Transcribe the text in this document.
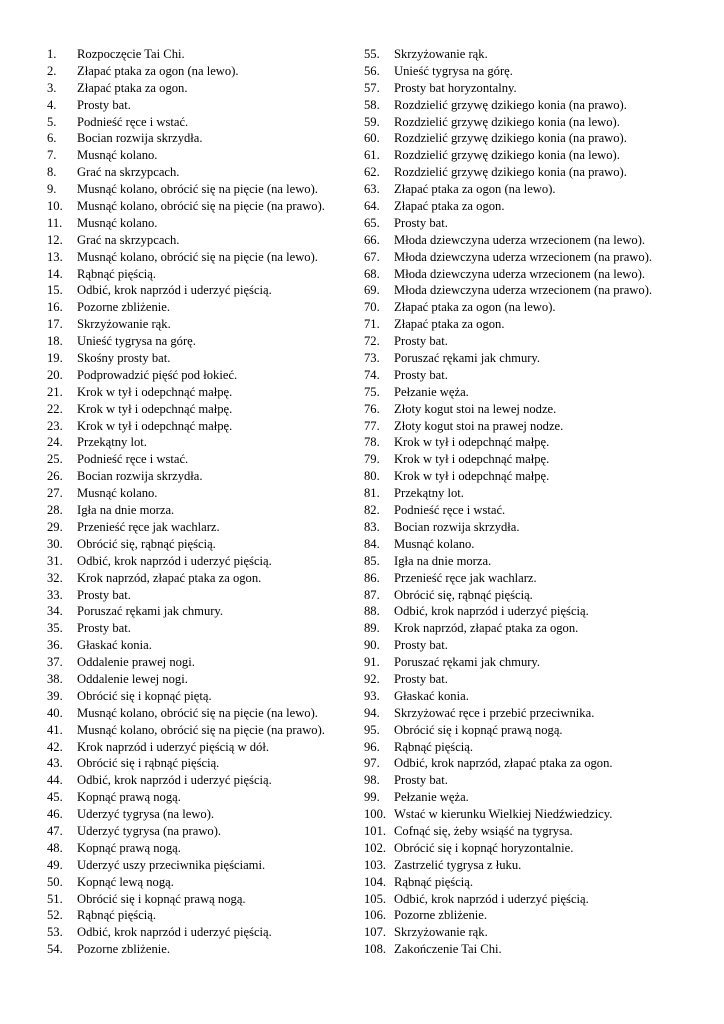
1.	Rozpoczęcie Tai Chi.
2.	Złapać ptaka za ogon (na lewo).
3.	Złapać ptaka za ogon.
4.	Prosty bat.
5.	Podnieść ręce i wstać.
6.	Bocian rozwija skrzydła.
7.	Musnąć kolano.
8.	Grać na skrzypcach.
9.	Musnąć kolano, obrócić się na pięcie (na lewo).
10.	Musnąć kolano, obrócić się na pięcie (na prawo).
11.	Musnąć kolano.
12.	Grać na skrzypcach.
13.	Musnąć kolano, obrócić się na pięcie (na lewo).
14.	Rąbnąć pięścią.
15.	Odbić, krok naprzód i uderzyć pięścią.
16.	Pozorne zbliżenie.
17.	Skrzyżowanie rąk.
18.	Unieść tygrysa na górę.
19.	Skośny prosty bat.
20.	Podprowadzić pięść pod łokieć.
21.	Krok w tył i odepchnąć małpę.
22.	Krok w tył i odepchnąć małpę.
23.	Krok w tył i odepchnąć małpę.
24.	Przekątny lot.
25.	Podnieść ręce i wstać.
26.	Bocian rozwija skrzydła.
27.	Musnąć kolano.
28.	Igła na dnie morza.
29.	Przenieść ręce jak wachlarz.
30.	Obrócić się, rąbnąć pięścią.
31.	Odbić, krok naprzód i uderzyć pięścią.
32.	Krok naprzód, złapać ptaka za ogon.
33.	Prosty bat.
34.	Poruszać rękami jak chmury.
35.	Prosty bat.
36.	Głaskać konia.
37.	Oddalenie prawej nogi.
38.	Oddalenie lewej nogi.
39.	Obrócić się i kopnąć piętą.
40.	Musnąć kolano, obrócić się na pięcie (na lewo).
41.	Musnąć kolano, obrócić się na pięcie (na prawo).
42.	Krok naprzód i uderzyć pięścią w dół.
43.	Obrócić się i rąbnąć pięścią.
44.	Odbić, krok naprzód i uderzyć pięścią.
45.	Kopnąć prawą nogą.
46.	Uderzyć tygrysa (na lewo).
47.	Uderzyć tygrysa (na prawo).
48.	Kopnąć prawą nogą.
49.	Uderzyć uszy przeciwnika pięściami.
50.	Kopnąć lewą nogą.
51.	Obrócić się i kopnąć prawą nogą.
52.	Rąbnąć pięścią.
53.	Odbić, krok naprzód i uderzyć pięścią.
54.	Pozorne zbliżenie.
55.	Skrzyżowanie rąk.
56.	Unieść tygrysa na górę.
57.	Prosty bat horyzontalny.
58.	Rozdzielić grzywę dzikiego konia (na prawo).
59.	Rozdzielić grzywę dzikiego konia (na lewo).
60.	Rozdzielić grzywę dzikiego konia (na prawo).
61.	Rozdzielić grzywę dzikiego konia (na lewo).
62.	Rozdzielić grzywę dzikiego konia (na prawo).
63.	Złapać ptaka za ogon (na lewo).
64.	Złapać ptaka za ogon.
65.	Prosty bat.
66.	Młoda dziewczyna uderza wrzecionem (na lewo).
67.	Młoda dziewczyna uderza wrzecionem (na prawo).
68.	Młoda dziewczyna uderza wrzecionem (na lewo).
69.	Młoda dziewczyna uderza wrzecionem (na prawo).
70.	Złapać ptaka za ogon (na lewo).
71.	Złapać ptaka za ogon.
72.	Prosty bat.
73.	Poruszać rękami jak chmury.
74.	Prosty bat.
75.	Pełzanie węża.
76.	Złoty kogut stoi na lewej nodze.
77.	Złoty kogut stoi na prawej nodze.
78.	Krok w tył i odepchnąć małpę.
79.	Krok w tył i odepchnąć małpę.
80.	Krok w tył i odepchnąć małpę.
81.	Przekątny lot.
82.	Podnieść ręce i wstać.
83.	Bocian rozwija skrzydła.
84.	Musnąć kolano.
85.	Igła na dnie morza.
86.	Przenieść ręce jak wachlarz.
87.	Obrócić się, rąbnąć pięścią.
88.	Odbić, krok naprzód i uderzyć pięścią.
89.	Krok naprzód, złapać ptaka za ogon.
90.	Prosty bat.
91.	Poruszać rękami jak chmury.
92.	Prosty bat.
93.	Głaskać konia.
94.	Skrzyżować ręce i przebić przeciwnika.
95.	Obrócić się i kopnąć prawą nogą.
96.	Rąbnąć pięścią.
97.	Odbić, krok naprzód, złapać ptaka za ogon.
98.	Prosty bat.
99.	Pełzanie węża.
100. Wstać w kierunku Wielkiej Niedźwiedzicy.
101. Cofnąć się, żeby wsiąść na tygrysa.
102. Obrócić się i kopnąć horyzontalnie.
103. Zastrzelić tygrysa z łuku.
104. Rąbnąć pięścią.
105. Odbić, krok naprzód i uderzyć pięścią.
106. Pozorne zbliżenie.
107. Skrzyżowanie rąk.
108. Zakończenie Tai Chi.
